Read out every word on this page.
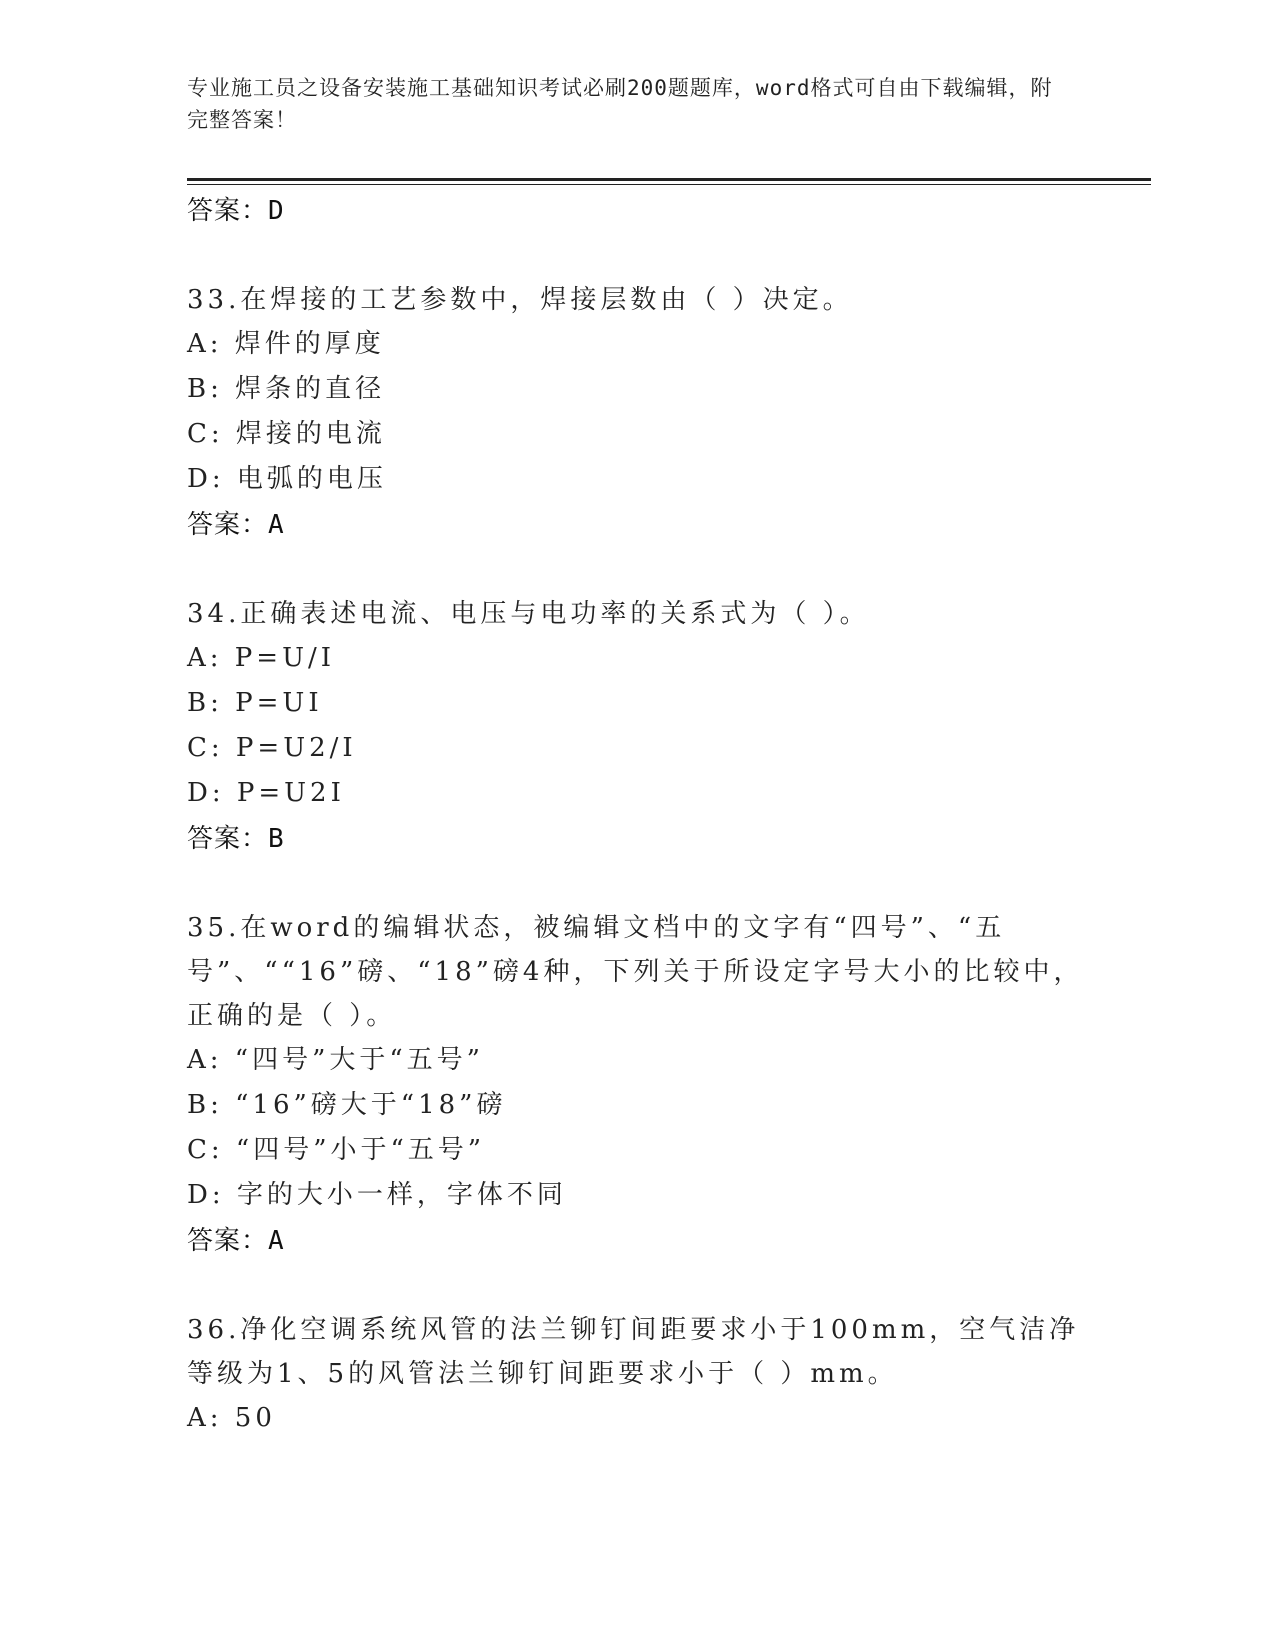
专业施工员之设备安装施工基础知识考试必刷200题题库，word格式可自由下载编辑，附完整答案！
答案：D
33.在焊接的工艺参数中，焊接层数由（ ）决定。
A: 焊件的厚度
B: 焊条的直径
C: 焊接的电流
D: 电弧的电压
答案：A
34.正确表述电流、电压与电功率的关系式为（ ）。
A: P=U/I
B: P=UI
C: P=U2/I
D: P=U2I
答案：B
35.在word的编辑状态，被编辑文档中的文字有“四号”、“五号”、““16”磅、“18”磅4种，下列关于所设定字号大小的比较中，正确的是（ ）。
A: “四号”大于“五号”
B: “16”磅大于“18”磅
C: “四号”小于“五号”
D: 字的大小一样，字体不同
答案：A
36.净化空调系统风管的法兰铆钉间距要求小于100mm，空气洁净等级为1、5的风管法兰铆钉间距要求小于（ ）mm。
A: 50
